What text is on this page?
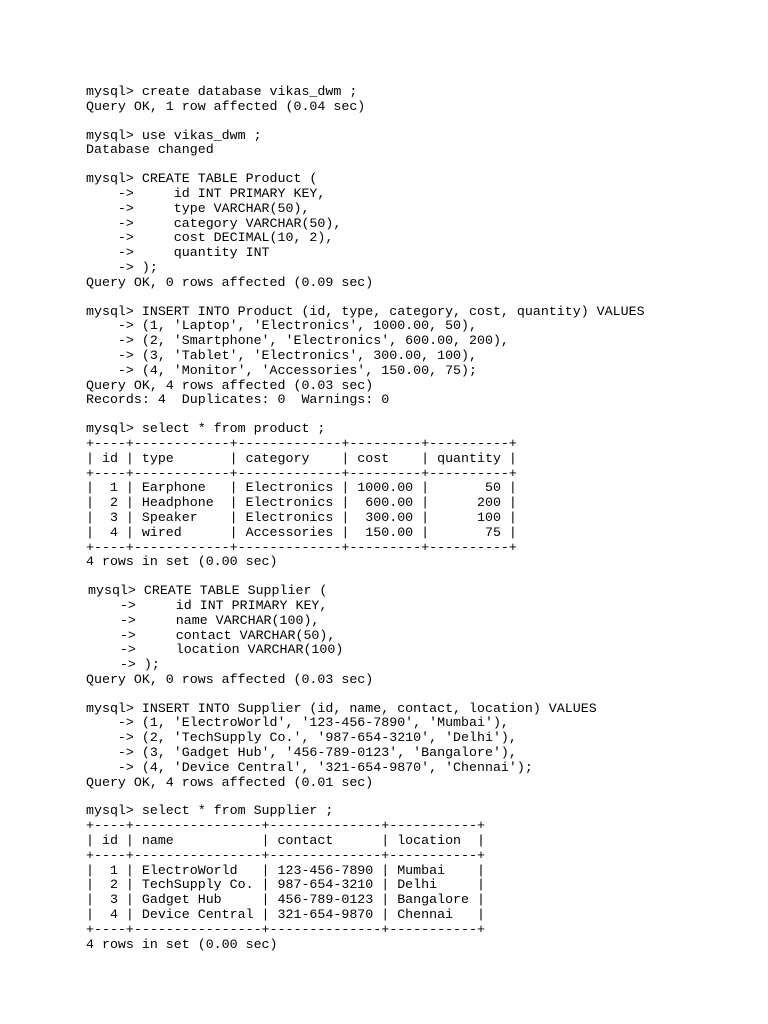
mysql> create database vikas_dwm ;
Query OK, 1 row affected (0.04 sec)
mysql> use vikas_dwm ;
Database changed
mysql> CREATE TABLE Product (
->     id INT PRIMARY KEY,
->     type VARCHAR(50),
->     category VARCHAR(50),
->     cost DECIMAL(10, 2),
->     quantity INT
-> );
Query OK, 0 rows affected (0.09 sec)
mysql> INSERT INTO Product (id, type, category, cost, quantity) VALUES
-> (1, 'Laptop', 'Electronics', 1000.00, 50),
-> (2, 'Smartphone', 'Electronics', 600.00, 200),
-> (3, 'Tablet', 'Electronics', 300.00, 100),
-> (4, 'Monitor', 'Accessories', 150.00, 75);
Query OK, 4 rows affected (0.03 sec)
Records: 4  Duplicates: 0  Warnings: 0
mysql> select * from product ;
+----+------------+-------------+---------+----------+
| id | type       | category    | cost    | quantity |
+----+------------+-------------+---------+----------+
|  1 | Earphone   | Electronics | 1000.00 |       50 |
|  2 | Headphone  | Electronics |  600.00 |      200 |
|  3 | Speaker    | Electronics |  300.00 |      100 |
|  4 | wired      | Accessories |  150.00 |       75 |
+----+------------+-------------+---------+----------+
4 rows in set (0.00 sec)
mysql> CREATE TABLE Supplier (
->     id INT PRIMARY KEY,
->     name VARCHAR(100),
->     contact VARCHAR(50),
->     location VARCHAR(100)
-> );
Query OK, 0 rows affected (0.03 sec)
mysql> INSERT INTO Supplier (id, name, contact, location) VALUES
-> (1, 'ElectroWorld', '123-456-7890', 'Mumbai'),
-> (2, 'TechSupply Co.', '987-654-3210', 'Delhi'),
-> (3, 'Gadget Hub', '456-789-0123', 'Bangalore'),
-> (4, 'Device Central', '321-654-9870', 'Chennai');
Query OK, 4 rows affected (0.01 sec)
mysql> select * from Supplier ;
+----+----------------+--------------+-----------+
| id | name           | contact      | location  |
+----+----------------+--------------+-----------+
|  1 | ElectroWorld   | 123-456-7890 | Mumbai    |
|  2 | TechSupply Co. | 987-654-3210 | Delhi     |
|  3 | Gadget Hub     | 456-789-0123 | Bangalore |
|  4 | Device Central | 321-654-9870 | Chennai   |
+----+----------------+--------------+-----------+
4 rows in set (0.00 sec)
